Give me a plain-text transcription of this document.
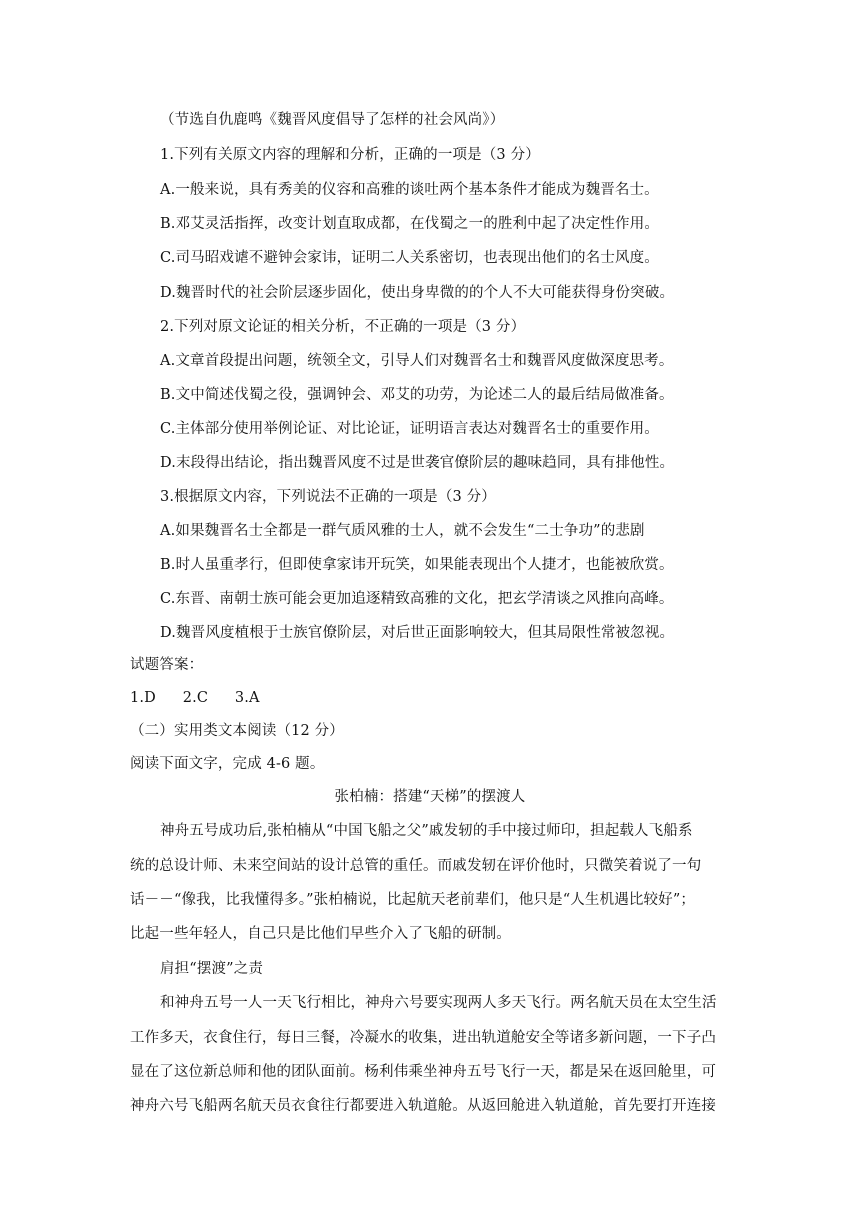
（节选自仇鹿鸣《魏晋风度倡导了怎样的社会风尚》）
1.下列有关原文内容的理解和分析，正确的一项是（3 分）
A.一般来说，具有秀美的仪容和高雅的谈吐两个基本条件才能成为魏晋名士。
B.邓艾灵活指挥，改变计划直取成都，在伐蜀之一的胜利中起了决定性作用。
C.司马昭戏谑不避钟会家讳，证明二人关系密切，也表现出他们的名士风度。
D.魏晋时代的社会阶层逐步固化，使出身卑微的的个人不大可能获得身份突破。
2.下列对原文论证的相关分析，不正确的一项是（3 分）
A.文章首段提出问题，统领全文，引导人们对魏晋名士和魏晋风度做深度思考。
B.文中简述伐蜀之役，强调钟会、邓艾的功劳，为论述二人的最后结局做准备。
C.主体部分使用举例论证、对比论证，证明语言表达对魏晋名士的重要作用。
D.末段得出结论，指出魏晋风度不过是世袭官僚阶层的趣味趋同，具有排他性。
3.根据原文内容，下列说法不正确的一项是（3 分）
A.如果魏晋名士全都是一群气质风雅的士人，就不会发生“二士争功”的悲剧
B.时人虽重孝行，但即使拿家讳开玩笑，如果能表现出个人捷才，也能被欣赏。
C.东晋、南朝士族可能会更加追逐精致高雅的文化，把玄学清谈之风推向高峰。
D.魏晋风度植根于士族官僚阶层，对后世正面影响较大，但其局限性常被忽视。
试题答案：
1.D 2.C 3.A
（二）实用类文本阅读（12 分）
阅读下面文字，完成 4-6 题。
张柏楠：搭建“天梯”的摆渡人
神舟五号成功后,张柏楠从“中国飞船之父”戚发轫的手中接过师印，担起载人飞船系
统的总设计师、未来空间站的设计总管的重任。而戚发轫在评价他时，只微笑着说了一句
话－－“像我，比我懂得多。”张柏楠说，比起航天老前辈们，他只是“人生机遇比较好”；
比起一些年轻人，自己只是比他们早些介入了飞船的研制。
肩担“摆渡”之责
和神舟五号一人一天飞行相比，神舟六号要实现两人多天飞行。两名航天员在太空生活
工作多天，衣食住行，每日三餐，冷凝水的收集，进出轨道舱安全等诸多新问题，一下子凸
显在了这位新总师和他的团队面前。杨利伟乘坐神舟五号飞行一天，都是呆在返回舱里，可
神舟六号飞船两名航天员衣食往行都要进入轨道舱。从返回舱进入轨道舱，首先要打开连接
